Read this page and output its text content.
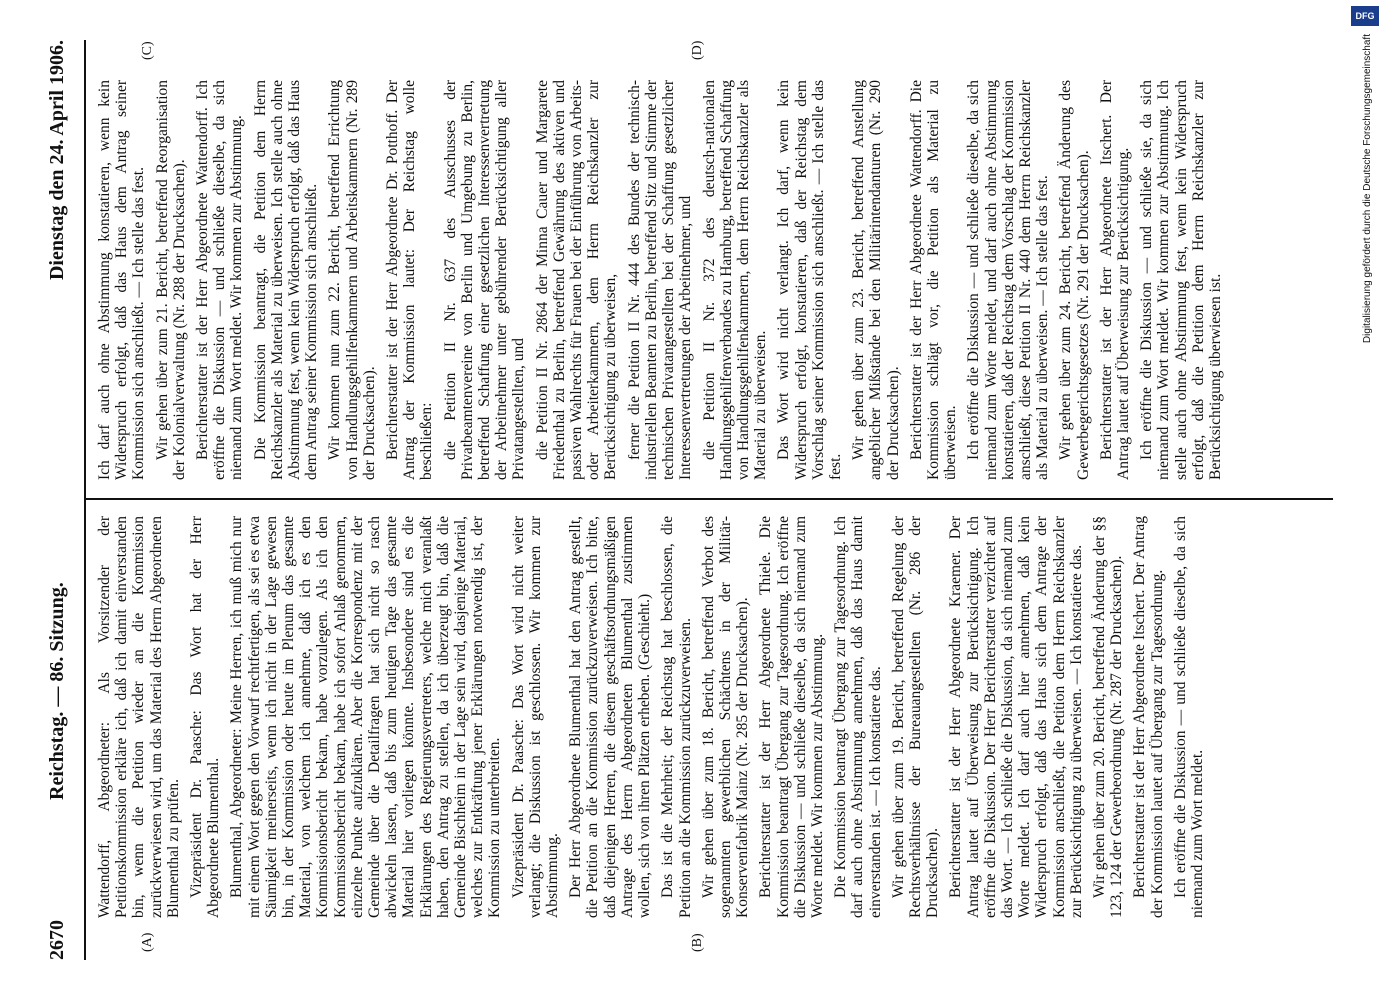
2670
Reichstag. — 86. Sitzung.
Dienstag den 24. April 1906.
(A)	(B)
(C)	(D)

Wattendorff, Abgeordneter: Als Vorsitzender der Petitionskommission erkläre ich, daß ich damit einverstanden bin, wenn die Petition wieder an die Kommission zurückverwiesen wird, um das Material des Herrn Abgeordneten Blumenthal zu prüfen. Vizepräsident Dr. Paasche: Das Wort hat der Herr Abgeordnete Blumenthal. Blumenthal, Abgeordneter: Meine Herren, ich muß mich nur mit einem Wort gegen den Vorwurf rechtfertigen, als sei es etwa Säumigkeit meinerseits, wenn ich nicht in der Lage gewesen bin, in der Kommission oder heute im Plenum das gesamte Material, von welchem ich annehme, daß ich es den Kommissionsbericht bekam, habe vorzulegen. Als ich den Kommissionsbericht bekam, habe ich sofort Anlaß genommen, einzelne Punkte aufzuklären. Aber die Korrespondenz mit der Gemeinde über die Detailfragen hat sich nicht so rasch abwickeln lassen, daß bis zum heutigen Tage das gesamte Material hier vorliegen könnte. Insbesondere sind es die Erklärungen des Regierungsvertreters, welche mich veranlaßt haben, den Antrag zu stellen, da ich überzeugt bin, daß die Gemeinde Bischheim in der Lage sein wird, dasjenige Material, welches zur Entkräftung jener Erklärungen notwendig ist, der Kommission zu unterbreiten. Vizepräsident Dr. Paasche: Das Wort wird nicht weiter verlangt; die Diskussion ist geschlossen. Wir kommen zur Abstimmung. Der Herr Abgeordnete Blumenthal hat den Antrag gestellt, die Petition an die Kommission zurückzuverweisen. Ich bitte, daß diejenigen Herren, die diesem geschäftsordnungsmäßigen Antrage des Herrn Abgeordneten Blumenthal zustimmen wollen, sich von ihren Plätzen erheben. (Geschieht.) Das ist die Mehrheit; der Reichstag hat beschlossen, die Petition an die Kommission zurückzuverweisen. Wir gehen über zum 18. Bericht, betreffend Verbot des sogenannten gewerblichen Schächtens in der Militär-Konservenfabrik Mainz (Nr. 285 der Drucksachen). Berichterstatter ist der Herr Abgeordnete Thiele. Die Kommission beantragt Übergang zur Tagesordnung. Ich eröffne die Diskussion — und schließe dieselbe, da sich niemand zum Worte meldet. Wir kommen zur Abstimmung. Die Kommission beantragt Übergang zur Tagesordnung. Ich darf auch ohne Abstimmung annehmen, daß das Haus damit einverstanden ist. — Ich konstatiere das. Wir gehen über zum 19. Bericht, betreffend Regelung der Rechtsverhältnisse der Bureauangestellten (Nr. 286 der Drucksachen). Berichterstatter ist der Herr Abgeordnete Kraemer. Der Antrag lautet auf Überweisung zur Berücksichtigung. Ich eröffne die Diskussion. Der Herr Berichterstatter verzichtet auf das Wort. — Ich schließe die Diskussion, da sich niemand zum Worte meldet. Ich darf auch hier annehmen, daß kein Widerspruch erfolgt, daß das Haus sich dem Antrage der Kommission anschließt, die Petition dem Herrn Reichskanzler zur Berücksichtigung zu überweisen. — Ich konstatiere das. Wir gehen über zum 20. Bericht, betreffend Änderung der §§ 123, 124 der Gewerbeordnung (Nr. 287 der Drucksachen). Berichterstatter ist der Herr Abgeordnete Itschert. Der Antrag der Kommission lautet auf Übergang zur Tagesordnung. Ich eröffne die Diskussion — und schließe dieselbe, da sich niemand zum Wort meldet.

Ich darf auch ohne Abstimmung konstatieren, wenn kein Widerspruch erfolgt, daß das Haus dem Antrag seiner Kommission sich anschließt. — Ich stelle das fest. Wir gehen über zum 21. Bericht, betreffend Reorganisation der Kolonialverwaltung (Nr. 288 der Drucksachen). Berichterstatter ist der Herr Abgeordnete Wattendorff. Ich eröffne die Diskussion — und schließe dieselbe, da sich niemand zum Wort meldet. Wir kommen zur Abstimmung. Die Kommission beantragt, die Petition dem Herrn Reichskanzler als Material zu überweisen. Ich stelle auch ohne Abstimmung fest, wenn kein Widerspruch erfolgt, daß das Haus dem Antrag seiner Kommission sich anschließt. Wir kommen nun zum 22. Bericht, betreffend Errichtung von Handlungsgehilfenkammern und Arbeitskammern (Nr. 289 der Drucksachen). Berichterstatter ist der Herr Abgeordnete Dr. Potthoff. Der Antrag der Kommission lautet: Der Reichstag wolle beschließen: die Petition II Nr. 637 des Ausschusses der Privatbeamtenvereine von Berlin und Umgebung zu Berlin, betreffend Schaffung einer gesetzlichen Interessenvertretung der Arbeitnehmer unter gebührender Berücksichtigung aller Privatangestellten, und die Petition II Nr. 2864 der Minna Cauer und Margarete Friedenthal zu Berlin, betreffend Gewährung des aktiven und passiven Wahlrechts für Frauen bei der Einführung von Arbeits- oder Arbeiterkammern, dem Herrn Reichskanzler zur Berücksichtigung zu überweisen, ferner die Petition II Nr. 444 des Bundes der technisch-industriellen Beamten zu Berlin, betreffend Sitz und Stimme der technischen Privatangestellten bei der Schaffung gesetzlicher Interessenvertretungen der Arbeitnehmer, und die Petition II Nr. 372 des deutsch-nationalen Handlungsgehilfenverbandes zu Hamburg, betreffend Schaffung von Handlungsgehilfenkammern, dem Herrn Reichskanzler als Material zu überweisen. Das Wort wird nicht verlangt. Ich darf, wenn kein Widerspruch erfolgt, konstatieren, daß der Reichstag dem Vorschlag seiner Kommission sich anschließt. — Ich stelle das fest.

Wir gehen über zum 23. Bericht, betreffend Anstellung angeblicher Mißstände bei den Militärintendanturen (Nr. 290 der Drucksachen). Berichterstatter ist der Herr Abgeordnete Wattendorff. Die Kommission schlägt vor, die Petition als Material zu überweisen. Ich eröffne die Diskussion — und schließe dieselbe, da sich niemand zum Worte meldet, und darf auch ohne Abstimmung konstatieren, daß der Reichstag dem Vorschlag der Kommission anschließt, diese Petition II Nr. 440 dem Herrn Reichskanzler als Material zu überweisen. — Ich stelle das fest. Wir gehen über zum 24. Bericht, betreffend Änderung des Gewerbegerichtsgesetzes (Nr. 291 der Drucksachen). Berichterstatter ist der Herr Abgeordnete Itschert. Der Antrag lautet auf Überweisung zur Berücksichtigung. Ich eröffne die Diskussion — und schließe sie, da sich niemand zum Wort meldet. Wir kommen zur Abstimmung. Ich stelle auch ohne Abstimmung fest, wenn kein Widerspruch erfolgt, daß die Petition dem Herrn Reichskanzler zur Berücksichtigung überwiesen ist.

DFG
Digitalisierung gefördert durch die Deutsche Forschungsgemeinschaft
